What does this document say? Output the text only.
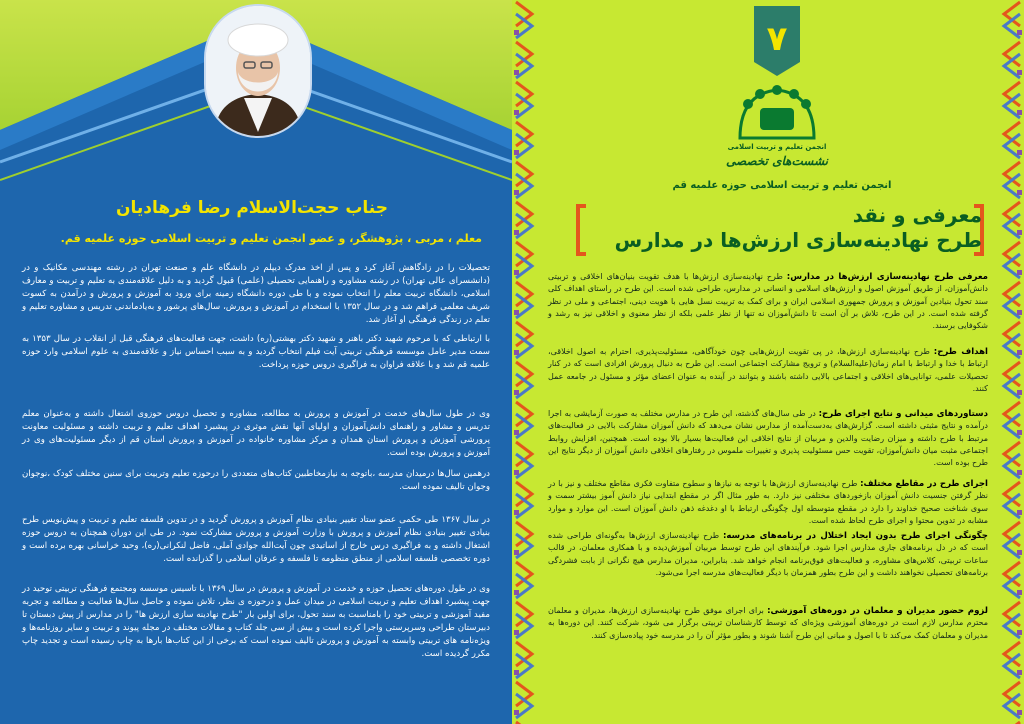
جناب حجت‌الاسلام رضا فرهادیان
معلم ، مربی ، پژوهشگر، و عضو انجمن تعلیم و تربیت اسلامی حوزه علمیه قم.
تحصیلات را در زادگاهش آغاز کرد و پس از اخذ مدرک دیپلم در دانشگاه علم و صنعت تهران در رشته مهندسی مکانیک و در (دانشسرای عالی تهران) در رشته مشاوره و راهنمایی تحصیلی (علمی) قبول گردید و به دلیل علاقه‌مندی به تعلیم و تربیت و معارف اسلامی، دانشگاه تربیت معلم را انتخاب نموده و با طی دوره دانشگاه زمینه برای ورود به آموزش و پرورش و درآمدن به کسوت شریف معلمی فراهم شد و در سال ۱۳۵۲ با استخدام در آموزش و پرورش، سال‌های پرشور و به‌یادماندنی تدریس و مشاوره تعلیم و تعلم در زندگی فرهنگی او آغاز شد.
با ارتباطی که با مرحوم شهید دکتر باهنر و شهید دکتر بهشتی(ره) داشت، جهت فعالیت‌های فرهنگی قبل از انقلاب در سال ۱۳۵۳ به سمت مدیر عامل موسسه فرهنگی تربیتی آیت فیلم انتخاب گردید و به سبب احساس نیاز و علاقه‌مندی به علوم اسلامی وارد حوزه علمیه قم شد و با علاقه فراوان به فراگیری دروس حوزه پرداخت.
وی در طول سال‌های خدمت در آموزش و پرورش به مطالعه، مشاوره و تحصیل دروس حوزوی اشتغال داشته و به‌عنوان معلم تدریس و مشاور و راهنمای دانش‌آموزان و اولیای آنها نقش موثری در پیشبرد اهداف تعلیم و تربیت داشته و مسئولیت معاونت پرورشی آموزش و پرورش استان همدان و مرکز مشاوره خانواده در آموزش و پرورش استان قم از دیگر مسئولیت‌های وی در آموزش و پرورش بوده است.
درهمین سال‌ها درمیدان مدرسه ،باتوجه به نیازمخاطبین کتاب‌های متعددی را درحوزه تعلیم وتربیت برای سنین مختلف کودک ،نوجوان وجوان تالیف نموده است.
در سال ۱۳۶۷ طی حکمی عضو ستاد تغییر بنیادی نظام آموزش و پرورش گردید و در تدوین فلسفه تعلیم و تربیت و پیش‌نویس طرح بنیادی تغییر بنیادی نظام آموزش و پرورش با وزارت آموزش و پرورش مشارکت نمود. در طی این دوران همچنان به دروس حوزه اشتغال داشته و به فراگیری درس خارج از اساتیدی چون آیت‌الله جوادی آملی، فاضل لنکرانی(ره)، وحید خراسانی بهره برده است و دوره تخصصی فلسفه اسلامی از منطق منظومه تا فلسفه و عرفان اسلامی را گذرانده است.
وی در طول دوره‌های تحصیل حوزه و خدمت در آموزش و پرورش در سال ۱۳۶۹ با تاسیس موسسه ومجتمع فرهنگی تربیتی توحید در جهت پیشبرد اهداف تعلیم و تربیت اسلامی در میدان عمل و درحوزه ی نظر، تلاش نموده و حاصل سال‌ها فعالیت و مطالعه و تجربه مفید آموزشی و تربیتی خود را بامناسبت به سند تحول، برای اولین بار "طرح نهادینه سازی ارزش ها" را در مدارس از پیش دبستان تا دبیرستان طراحی وسرپرستی واجرا کرده است و بیش از سی جلد کتاب و مقالات مختلف در مجله پیوند و تربیت و سایر روزنامه‌ها و ویژه‌نامه های تربیتی وابسته به آموزش و پرورش تالیف نموده است که برخی از این کتاب‌ها بارها به چاپ رسیده است و تجدید چاپ مکرر گردیده است.
۷
انجمن تعلیم و تربیت اسلامی
نشست‌های تخصصی
انجمن تعلیم و تربیت اسلامی حوزه علمیه قم
معرفی و نقد
طرح نهادینه‌سازی ارزش‌ها در مدارس
معرفی طرح نهادینه‌سازی ارزش‌ها در مدارس: طرح نهادینه‌سازی ارزش‌ها با هدف تقویت بنیان‌های اخلاقی و تربیتی دانش‌آموزان، از طریق آموزش اصول و ارزش‌های اسلامی و انسانی در مدارس، طراحی شده است. این طرح در راستای اهداف کلی سند تحول بنیادین آموزش و پرورش جمهوری اسلامی ایران و برای کمک به تربیت نسل هایی با هویت دینی، اجتماعی و ملی در نظر گرفته شده است. در این طرح، تلاش بر آن است تا دانش‌آموزان نه تنها از نظر علمی بلکه از نظر معنوی و اخلاقی نیز به رشد و شکوفایی برسند.
اهداف طرح: طرح نهادینه‌سازی ارزش‌ها، در پی تقویت ارزش‌هایی چون خودآگاهی، مسئولیت‌پذیری، احترام به اصول اخلاقی، ارتباط با خدا و ارتباط با امام زمان(علیه‌السلام) و ترویج مشارکت اجتماعی است. این طرح به دنبال پرورش افرادی است که در کنار تحصیلات علمی، توانایی‌های اخلاقی و اجتماعی بالایی داشته باشند و بتوانند در آینده به عنوان اعضای مؤثر و مسئول در جامعه عمل کنند.
دستاوردهای میدانی و نتایج اجرای طرح: در طی سال‌های گذشته، این طرح در مدارس مختلف به صورت آزمایشی به اجرا درآمده و نتایج مثبتی داشته است. گزارش‌های به‌دست‌آمده از مدارس نشان می‌دهد که دانش آموزان مشارکت بالایی در فعالیت‌های مرتبط با طرح داشته و میزان رضایت والدین و مربیان از نتایج اخلاقی این فعالیت‌ها بسیار بالا بوده است. همچنین، افزایش روابط اجتماعی مثبت میان دانش‌آموزان، تقویت حس مسئولیت پذیری و تغییرات ملموس در رفتارهای اخلاقی دانش آموزان از دیگر نتایج این طرح بوده است.
اجرای طرح در مقاطع مختلف: طرح نهادینه‌سازی ارزش‌ها با توجه به نیازها و سطوح متفاوت فکری مقاطع مختلف و نیز با در نظر گرفتن جنسیت دانش آموزان بازخوردهای مختلفی نیز دارد. به طور مثال اگر در مقطع ابتدایی نیاز دانش آموز بیشتر سمت و سوی شناخت صحیح خداوند را دارد در مقطع متوسطه اول چگونگی ارتباط با او دغدغه ذهن دانش آموزان است. این موارد و موارد مشابه در تدوین محتوا و اجرای طرح لحاظ شده است.
چگونگی اجرای طرح بدون ایجاد اختلال در برنامه‌های مدرسه: طرح نهادینه‌سازی ارزش‌ها به‌گونه‌ای طراحی شده است که در دل برنامه‌های جاری مدارس اجرا شود. فرآیندهای این طرح توسط مربیان آموزش‌دیده و با همکاری معلمان، در قالب ساعات تربیتی، کلاس‌های مشاوره، و فعالیت‌های فوق‌برنامه انجام خواهد شد. بنابراین، مدیران مدارس هیچ نگرانی از بابت فشردگی برنامه‌های تحصیلی نخواهند داشت و این طرح بطور همزمان با دیگر فعالیت‌های مدرسه اجرا می‌شود.
لزوم حضور مدیران و معلمان در دوره‌های آموزشی: برای اجرای موفق طرح نهادینه‌سازی ارزش‌ها، مدیران و معلمان محترم مدارس لازم است در دوره‌های آموزشی ویژه‌ای که توسط کارشناسان تربیتی برگزار می شود، شرکت کنند. این دوره‌ها به مدیران و معلمان کمک می‌کند تا با اصول و مبانی این طرح آشنا شوند و بطور مؤثر آن را در مدرسه خود پیاده‌سازی کنند.
